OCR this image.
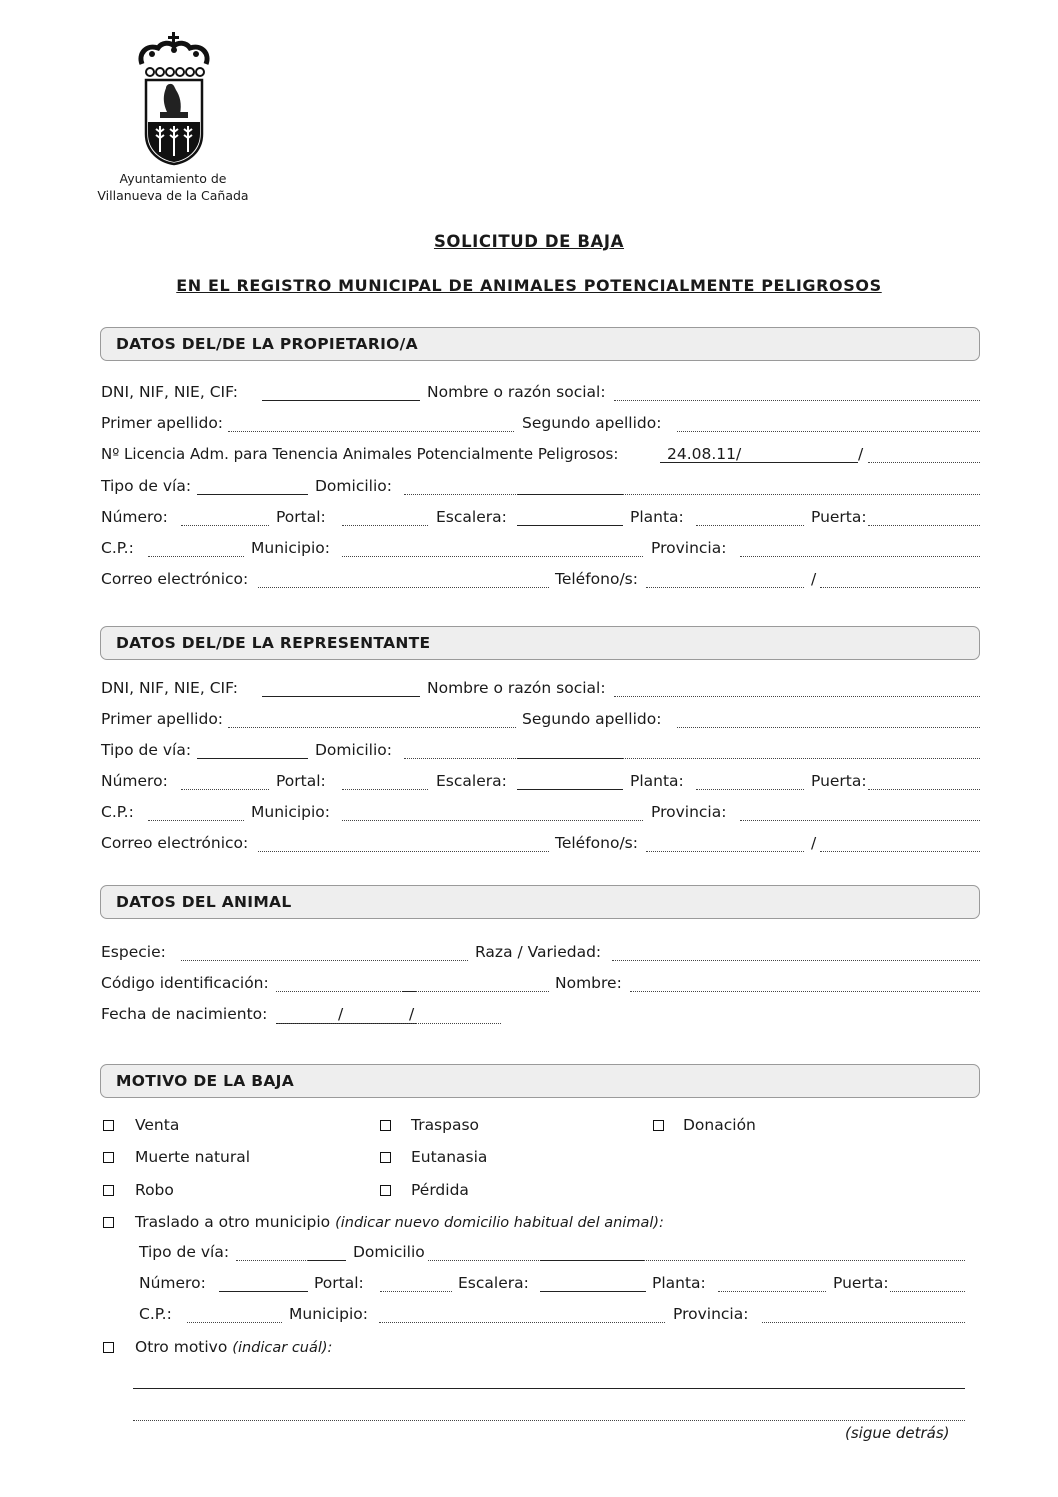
Ayuntamiento de
Villanueva de la Cañada
SOLICITUD DE BAJA
EN EL REGISTRO MUNICIPAL DE ANIMALES POTENCIALMENTE PELIGROSOS
DATOS DEL/DE LA PROPIETARIO/A
DNI, NIF, NIE, CIF:	Nombre o razón social:
Primer apellido:	Segundo apellido:
Nº Licencia Adm. para Tenencia Animales Potencialmente Peligrosos:	24.08.11/	/
Tipo de vía:	Domicilio:
Número:	Portal:	Escalera:	Planta:	Puerta:
C.P.:	Municipio:	Provincia:
Correo electrónico:	Teléfono/s:	/
DATOS DEL/DE LA REPRESENTANTE
DNI, NIF, NIE, CIF:	Nombre o razón social:
Primer apellido:	Segundo apellido:
Tipo de vía:	Domicilio:
Número:	Portal:	Escalera:	Planta:	Puerta:
C.P.:	Municipio:	Provincia:
Correo electrónico:	Teléfono/s:	/
DATOS DEL ANIMAL
Especie:	Raza / Variedad:
Código identificación:	Nombre:
Fecha de nacimiento:	/	/
MOTIVO DE LA BAJA
Venta	Traspaso	Donación
Muerte natural	Eutanasia
Robo	Pérdida
Traslado a otro municipio (indicar nuevo domicilio habitual del animal):
Tipo de vía:	Domicilio
Número:	Portal:	Escalera:	Planta:	Puerta:
C.P.:	Municipio:	Provincia:
Otro motivo (indicar cuál):
(sigue detrás)
